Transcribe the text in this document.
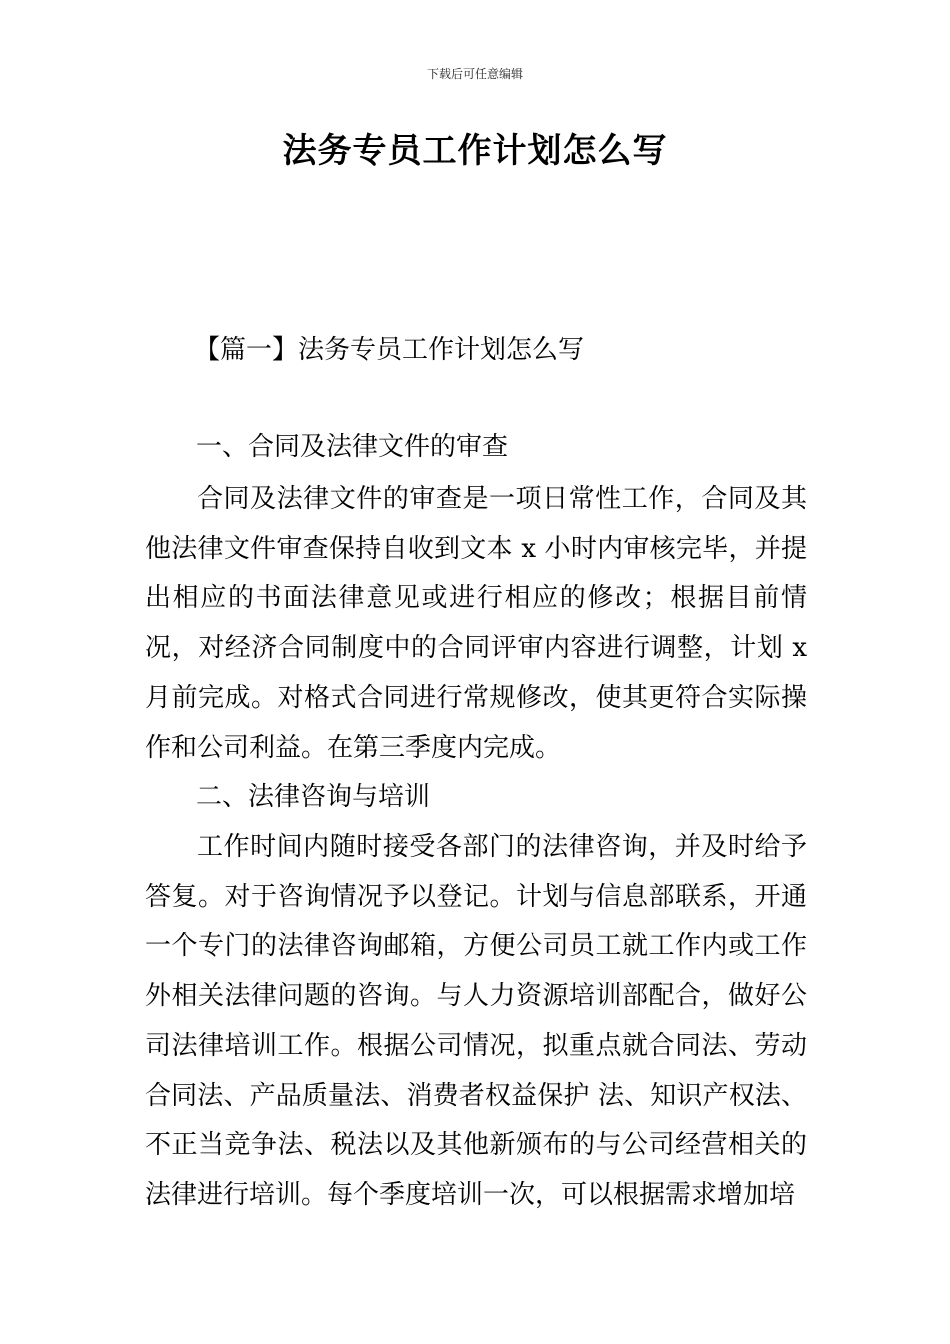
下载后可任意编辑
法务专员工作计划怎么写
【篇一】法务专员工作计划怎么写
一、合同及法律文件的审查

合同及法律文件的审查是一项日常性工作，合同及其他法律文件审查保持自收到文本 x 小时内审核完毕，并提出相应的书面法律意见或进行相应的修改；根据目前情况，对经济合同制度中的合同评审内容进行调整，计划 x 月前完成。对格式合同进行常规修改，使其更符合实际操作和公司利益。在第三季度内完成。

二、法律咨询与培训

工作时间内随时接受各部门的法律咨询，并及时给予答复。对于咨询情况予以登记。计划与信息部联系，开通一个专门的法律咨询邮箱，方便公司员工就工作内或工作外相关法律问题的咨询。与人力资源培训部配合，做好公司法律培训工作。根据公司情况，拟重点就合同法、劳动合同法、产品质量法、消费者权益保护 法、知识产权法、不正当竞争法、税法以及其他新颁布的与公司经营相关的法律进行培训。每个季度培训一次，可以根据需求增加培
